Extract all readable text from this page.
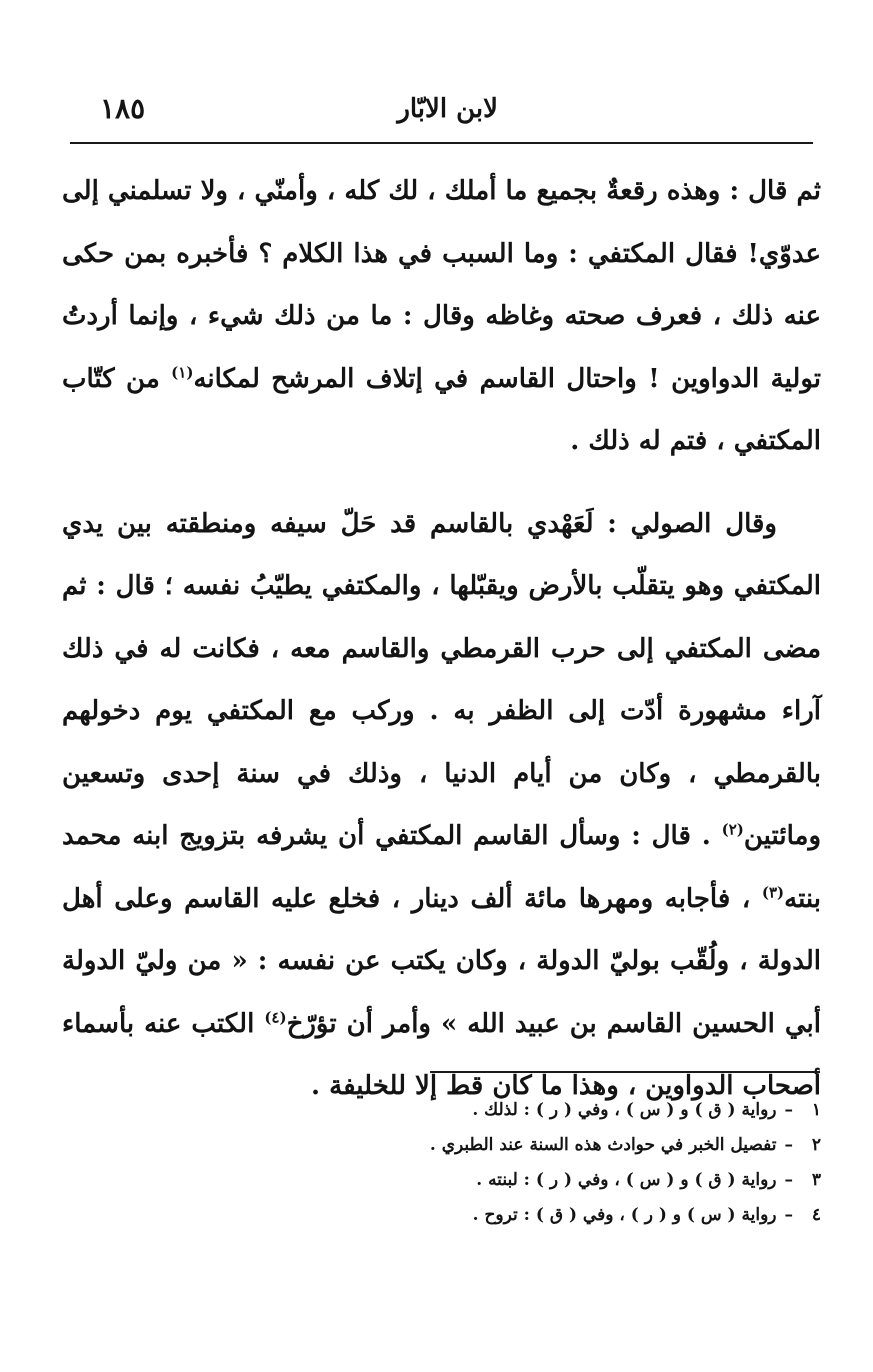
لابن الابّار
١٨٥

ثم قال : وهذه رقعةٌ بجميع ما أملك ، لك كله ، وأمنّي ، ولا تسلمني إلى عدوّي! فقال المكتفي : وما السبب في هذا الكلام ؟ فأخبره بمن حكى عنه ذلك ، فعرف صحته وغاظه وقال : ما من ذلك شيء ، وإنما أردتُ تولية الدواوين ! واحتال القاسم في إتلاف المرشح لمكانه$^{(١)}$ من كتّاب المكتفي ، فتم له ذلك .

وقال الصولي : لَعَهْدي بالقاسم قد حَلّ سيفه ومنطقته بين يدي المكتفي وهو يتقلّب بالأرض ويقبّلها ، والمكتفي يطيّبُ نفسه ؛ قال : ثم مضى المكتفي إلى حرب القرمطي والقاسم معه ، فكانت له في ذلك آراء مشهورة أدّت إلى الظفر به . وركب مع المكتفي يوم دخولهم بالقرمطي ، وكان من أيام الدنيا ، وذلك في سنة إحدى وتسعين ومائتين$^{(٢)}$ . قال : وسأل القاسم المكتفي أن يشرفه بتزويج ابنه محمد بنته$^{(٣)}$ ، فأجابه ومهرها مائة ألف دينار ، فخلع عليه القاسم وعلى أهل الدولة ، ولُقّب بوليّ الدولة ، وكان يكتب عن نفسه : « من وليّ الدولة أبي الحسين القاسم بن عبيد الله » وأمر أن تؤرّخ$^{(٤)}$ الكتب عنه بأسماء أصحاب الدواوين ، وهذا ما كان قط إلا للخليفة .

١–رواية ( ق ) و ( س ) ، وفي ( ر ) : لذلك .
٢–تفصيل الخبر في حوادث هذه السنة عند الطبري .
٣–رواية ( ق ) و ( س ) ، وفي ( ر ) : لبنته .
٤–رواية ( س ) و ( ر ) ، وفي ( ق ) : تروح .
